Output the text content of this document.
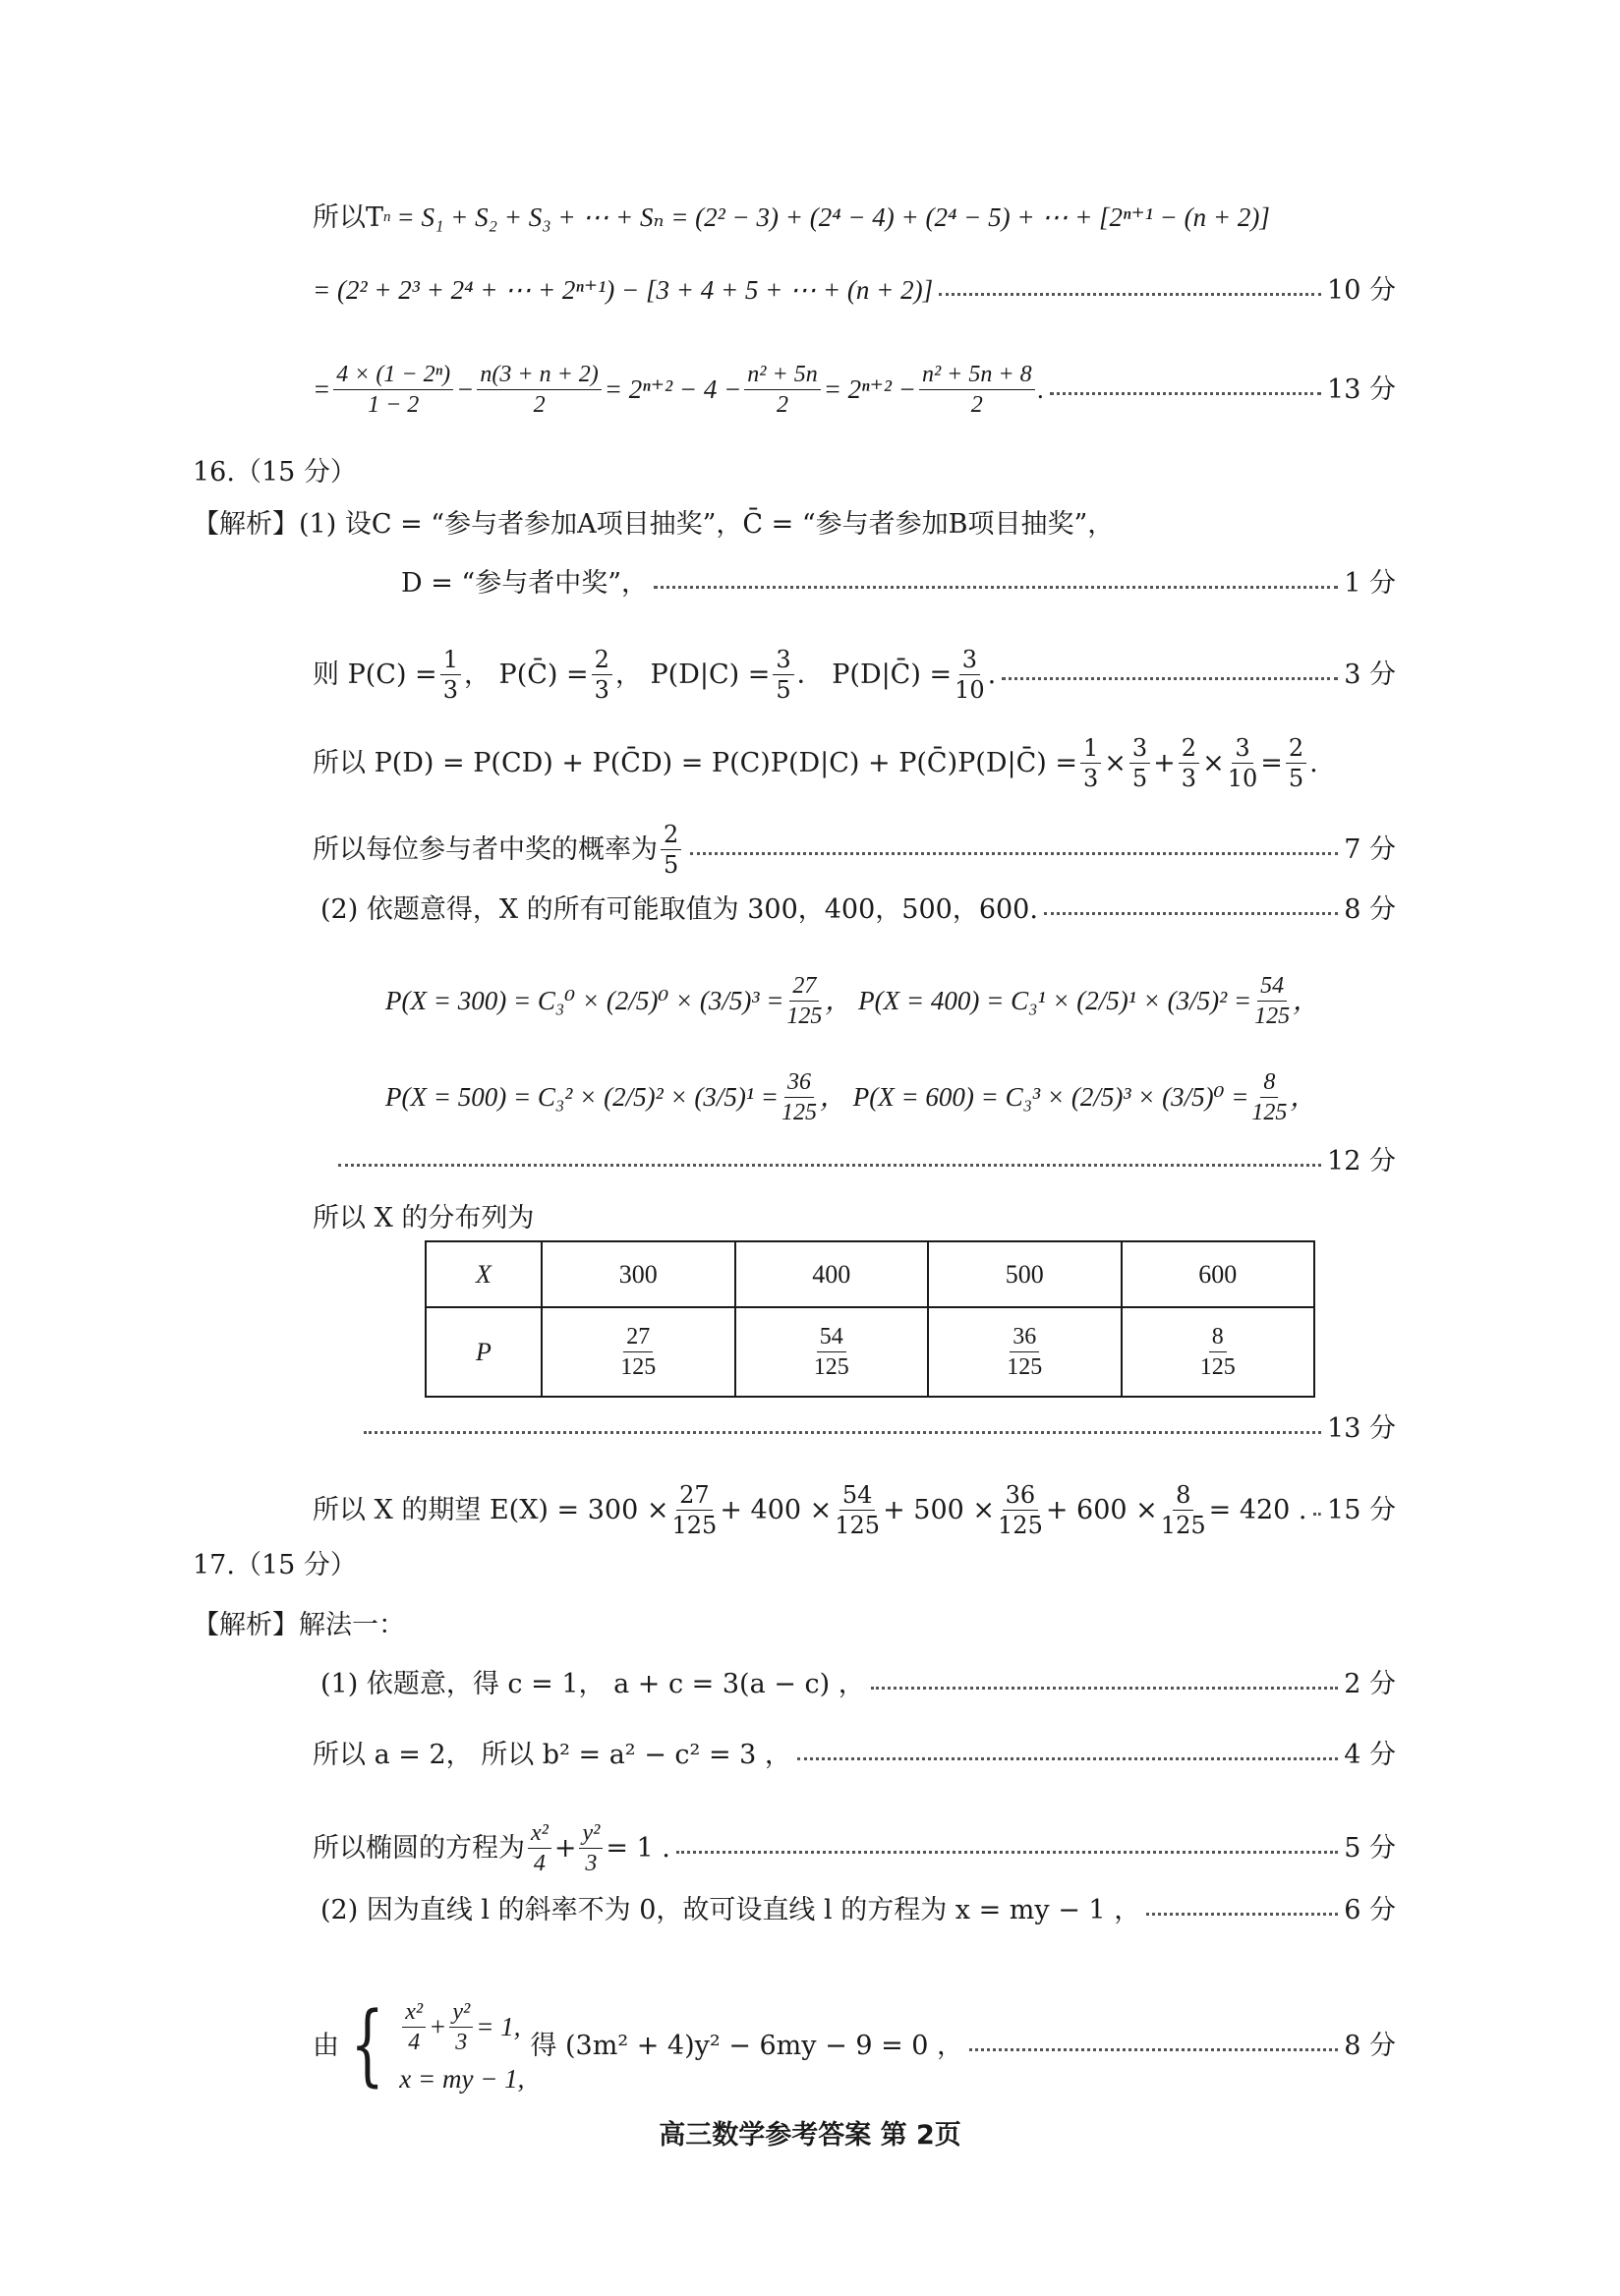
所以T n = S₁ + S₂ + S₃ + ⋯ + Sₙ = (2² − 3) + (2⁴ − 4) + (2⁴ − 5) + ⋯ + [2ⁿ⁺¹ − (n + 2)]
= (2² + 2³ + 2⁴ + ⋯ + 2ⁿ⁺¹) − [3 + 4 + 5 + ⋯ + (n + 2)]	10 分
= $\frac{\text{4 × (1 − 2ⁿ)}}{1 - 2} - \frac{n(3 + n + 2)}{2} = 2^{n+2} - 4 - \frac{\text{n² + 5n}}{2} = 2^{n+2} - \frac{\text{n² + 5n + 8}}{2}$ .	13 分
16.（15 分）
【解析】 (1) 设C = “参与者参加A项目抽奖”，C̄ = “参与者参加B项目抽奖”，
D = “参与者中奖”，	1 分
则 $P(C) = \frac{1}{3}$ ， P(C̄) = $\frac{2}{3}$ ， $P(D|C) = \frac{3}{5}$ ． P(D|C̄) = $\frac{3}{10}$ .	3 分
所以 P(D) = P(CD) + P(C̄D) = P(C)P(D|C) + P(C̄)P(D|C̄) = $\frac{1}{3} \times \frac{3}{5} + \frac{2}{3} \times \frac{3}{10} = \frac{2}{5}$ .
所以每位参与者中奖的概率为 $\frac{2}{5}$	7 分
(2) 依题意得，X 的所有可能取值为 300，400，500，600.	8 分
$P(X = 300) = C_3^0 \times (2/5)^0 \times (3/5)^3 = \frac{27}{125}$ ， $P(X = 400) = C_3^1 \times (2/5)^1 \times (3/5)^2 = \frac{54}{125}$ ，
$P(X = 500) = C_3^2 \times (2/5)^2 \times (3/5)^1 = \frac{36}{125}$ ， $P(X = 600) = C_3^3 \times (2/5)^3 \times (3/5)^0 = \frac{8}{125}$ ，
12 分
所以 X 的分布列为
X	300	400	500	600
P	$\frac{27}{125}$	$\frac{54}{125}$	$\frac{36}{125}$	$\frac{8}{125}$
13 分
所以 X 的期望 $E(X) = 300 \times \frac{27}{125} + 400 \times \frac{54}{125} + 500 \times \frac{36}{125} + 600 \times \frac{8}{125} = 420$ . 15 分
17.（15 分）
【解析】 解法一：
(1) 依题意，得 c = 1， a + c = 3(a − c) ，	2 分
所以 a = 2， 所以 b² = a² − c² = 3 ，	4 分
所以椭圆的方程为 $\frac{\text{x²}}{4} + \frac{\text{y²}}{3} = 1$ .	5 分
(2) 因为直线 l 的斜率不为 0，故可设直线 l 的方程为 x = my − 1 ，	6 分
由 { $\frac{\text{x²}}{4} + \frac{\text{y²}}{3} = 1$,
x = my − 1,
得 (3m² + 4)y² − 6my − 9 = 0 ，	8 分
高三数学参考答案 第 2页
